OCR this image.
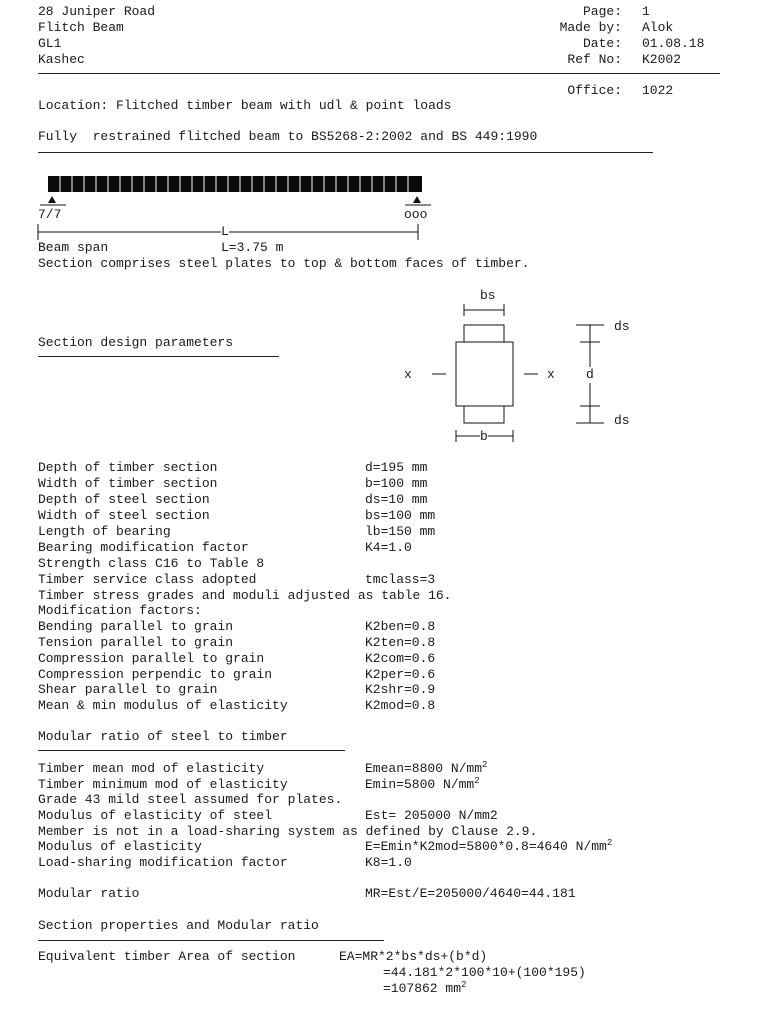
28 Juniper Road
Flitch Beam
GL1
Kashec
Page: 1
Made by: Alok
Date: 01.08.18
Ref No: K2002
Office: 1022
Location: Flitched timber beam with udl & point loads
Fully  restrained flitched beam to BS5268-2:2002 and BS 449:1990
7/7	ooo
L
Beam span	L=3.75 m
Section comprises steel plates to top & bottom faces of timber.
bs
b
x	x d
ds
ds
Section design parameters
Depth of timber section	d=195 mm
Width of timber section	b=100 mm
Depth of steel section	ds=10 mm
Width of steel section	bs=100 mm
Length of bearing	lb=150 mm
Bearing modification factor	K4=1.0
Strength class C16 to Table 8
Timber service class adopted	tmclass=3
Timber stress grades and moduli adjusted as table 16.
Modification factors:
Bending parallel to grain	K2ben=0.8
Tension parallel to grain	K2ten=0.8
Compression parallel to grain	K2com=0.6
Compression perpendic to grain	K2per=0.6
Shear parallel to grain	K2shr=0.9
Mean & min modulus of elasticity	K2mod=0.8
Modular ratio of steel to timber
Timber mean mod of elasticity	Emean=8800 $N/mm^2$
Timber minimum mod of elasticity	Emin=5800 $N/mm^2$
Grade 43 mild steel assumed for plates.
Modulus of elasticity of steel	Est= 205000 N/mm2
Member is not in a load-sharing system as defined by Clause 2.9.
Modulus of elasticity	E=Emin*K2mod=5800*0.8=4640 $N/mm^2$
Load-sharing modification factor	K8=1.0
Modular ratio	MR=Est/E=205000/4640=44.181
Section properties and Modular ratio
Equivalent timber Area of section	EA=MR*2*bs*ds+(b*d)
=44.181*2*100*10+(100*195)
=107862 $mm^2$
